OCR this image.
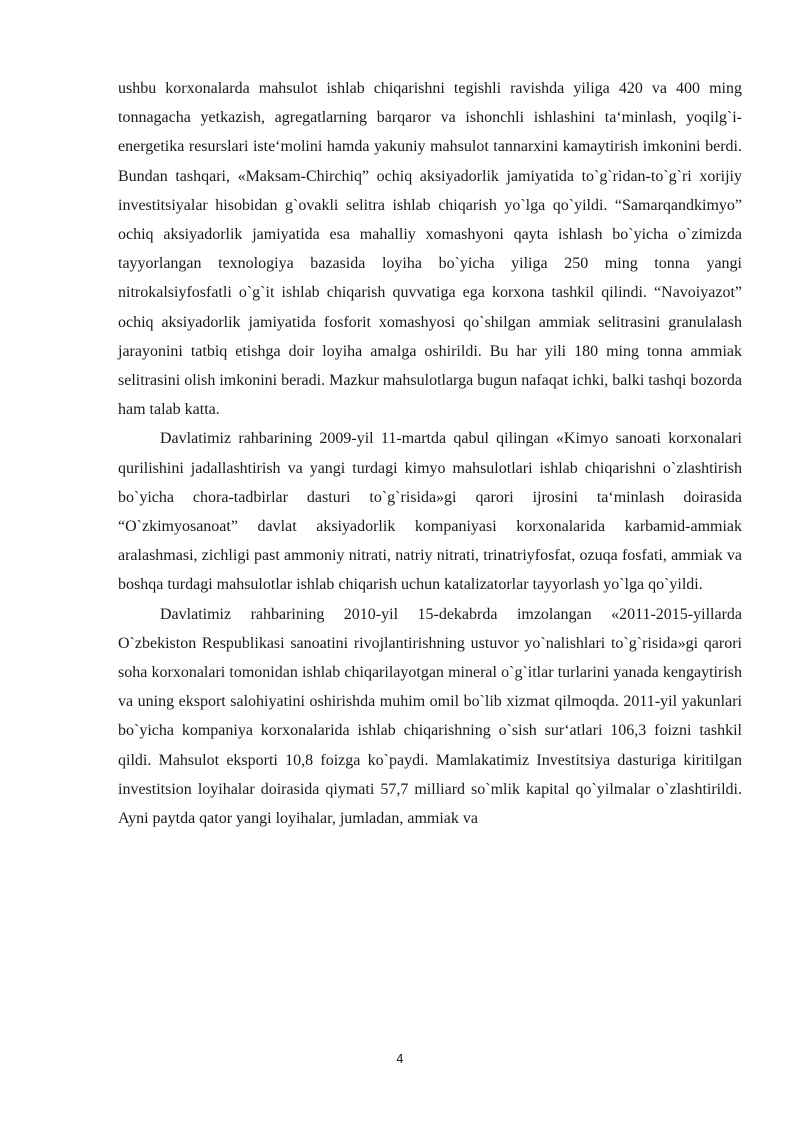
ushbu korxonalarda mahsulot ishlab chiqarishni tegishli ravishda yiliga 420 va 400 ming tonnagacha yetkazish, agregatlarning barqaror va ishonchli ishlashini ta‘minlash, yoqilg`i-energetika resurslari iste‘molini hamda yakuniy mahsulot tannarxini kamaytirish imkonini berdi. Bundan tashqari, «Maksam-Chirchiq” ochiq aksiyadorlik jamiyatida to`g`ridan-to`g`ri xorijiy investitsiyalar hisobidan g`ovakli selitra ishlab chiqarish yo`lga qo`yildi. “Samarqandkimyo” ochiq aksiyadorlik jamiyatida esa mahalliy xomashyoni qayta ishlash bo`yicha o`zimizda tayyorlangan texnologiya bazasida loyiha bo`yicha yiliga 250 ming tonna yangi nitrokalsiyfosfatli o`g`it ishlab chiqarish quvvatiga ega korxona tashkil qilindi. “Navoiyazot” ochiq aksiyadorlik jamiyatida fosforit xomashyosi qo`shilgan ammiak selitrasini granulalash jarayonini tatbiq etishga doir loyiha amalga oshirildi. Bu har yili 180 ming tonna ammiak selitrasini olish imkonini beradi. Mazkur mahsulotlarga bugun nafaqat ichki, balki tashqi bozorda ham talab katta.

Davlatimiz rahbarining 2009-yil 11-martda qabul qilingan «Kimyo sanoati korxonalari qurilishini jadallashtirish va yangi turdagi kimyo mahsulotlari ishlab chiqarishni o`zlashtirish bo`yicha chora-tadbirlar dasturi to`g`risida»gi qarori ijrosini ta‘minlash doirasida “O`zkimyosanoat” davlat aksiyadorlik kompaniyasi korxonalarida karbamid-ammiak aralashmasi, zichligi past ammoniy nitrati, natriy nitrati, trinatriyfosfat, ozuqa fosfati, ammiak va boshqa turdagi mahsulotlar ishlab chiqarish uchun katalizatorlar tayyorlash yo`lga qo`yildi.

Davlatimiz rahbarining 2010-yil 15-dekabrda imzolangan «2011-2015-yillarda O`zbekiston Respublikasi sanoatini rivojlantirishning ustuvor yo`nalishlari to`g`risida»gi qarori soha korxonalari tomonidan ishlab chiqarilayotgan mineral o`g`itlar turlarini yanada kengaytirish va uning eksport salohiyatini oshirishda muhim omil bo`lib xizmat qilmoqda. 2011-yil yakunlari bo`yicha kompaniya korxonalarida ishlab chiqarishning o`sish sur‘atlari 106,3 foizni tashkil qildi. Mahsulot eksporti 10,8 foizga ko`paydi. Mamlakatimiz Investitsiya dasturiga kiritilgan investitsion loyihalar doirasida qiymati 57,7 milliard so`mlik kapital qo`yilmalar o`zlashtirildi. Ayni paytda qator yangi loyihalar, jumladan, ammiak va

4
